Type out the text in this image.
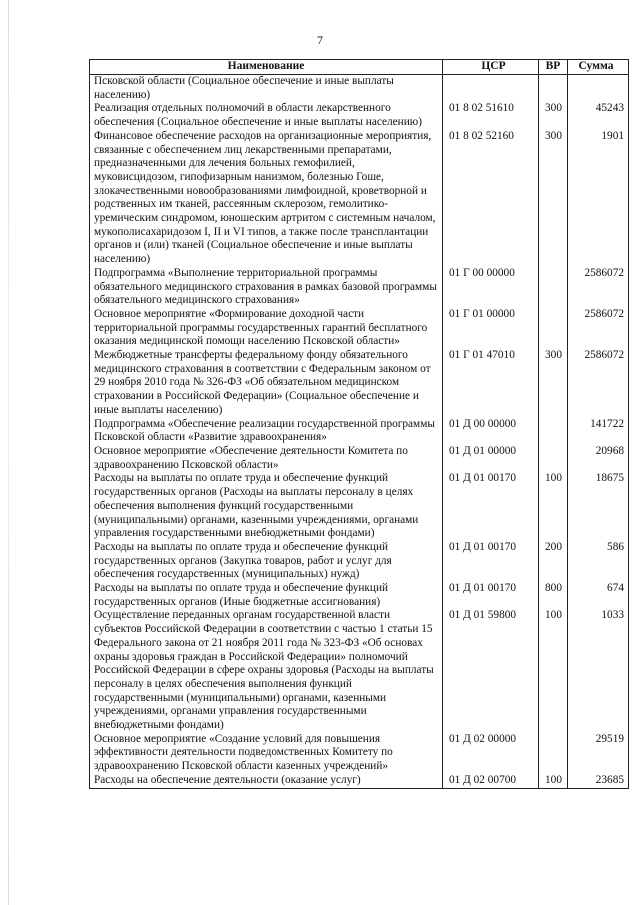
7
Наименование	ЦСР	ВР	Сумма
Псковской области (Социальное обеспечение и иные выплаты населению)			
Реализация отдельных полномочий в области лекарственного обеспечения (Социальное обеспечение и иные выплаты населению)	01 8 02 51610	300	45243
Финансовое обеспечение расходов на организационные мероприятия, связанные с обеспечением лиц лекарственными препаратами, предназначенными для лечения больных гемофилией, муковисцидозом, гипофизарным нанизмом, болезнью Гоше, злокачественными новообразованиями лимфоидной, кроветворной и родственных им тканей, рассеянным склерозом, гемолитико-уремическим синдромом, юношеским артритом с системным началом, мукополисахаридозом I, II и VI типов, а также после трансплантации органов и (или) тканей (Социальное обеспечение и иные выплаты населению)	01 8 02 52160	300	1901
Подпрограмма «Выполнение территориальной программы обязательного медицинского страхования в рамках базовой программы обязательного медицинского страхования»	01 Г 00 00000		2586072
Основное мероприятие «Формирование доходной части территориальной программы государственных гарантий бесплатного оказания медицинской помощи населению Псковской области»	01 Г 01 00000		2586072
Межбюджетные трансферты федеральному фонду обязательного медицинского страхования в соответствии с Федеральным законом от 29 ноября 2010 года № 326-ФЗ «Об обязательном медицинском страховании в Российской Федерации» (Социальное обеспечение и иные выплаты населению)	01 Г 01 47010	300	2586072
Подпрограмма «Обеспечение реализации государственной программы Псковской области «Развитие здравоохранения»	01 Д 00 00000		141722
Основное мероприятие «Обеспечение деятельности Комитета по здравоохранению Псковской области»	01 Д 01 00000		20968
Расходы на выплаты по оплате труда и обеспечение функций государственных органов (Расходы на выплаты персоналу в целях обеспечения выполнения функций государственными (муниципальными) органами, казенными учреждениями, органами управления государственными внебюджетными фондами)	01 Д 01 00170	100	18675
Расходы на выплаты по оплате труда и обеспечение функций государственных органов (Закупка товаров, работ и услуг для обеспечения государственных (муниципальных) нужд)	01 Д 01 00170	200	586
Расходы на выплаты по оплате труда и обеспечение функций государственных органов (Иные бюджетные ассигнования)	01 Д 01 00170	800	674
Осуществление переданных органам государственной власти субъектов Российской Федерации в соответствии с частью 1 статьи 15 Федерального закона от 21 ноября 2011 года № 323-ФЗ «Об основах охраны здоровья граждан в Российской Федерации» полномочий Российской Федерации в сфере охраны здоровья (Расходы на выплаты персоналу в целях обеспечения выполнения функций государственными (муниципальными) органами, казенными учреждениями, органами управления государственными внебюджетными фондами)	01 Д 01 59800	100	1033
Основное мероприятие «Создание условий для повышения эффективности деятельности подведомственных Комитету по здравоохранению Псковской области казенных учреждений»	01 Д 02 00000		29519
Расходы на обеспечение деятельности (оказание услуг)	01 Д 02 00700	100	23685
